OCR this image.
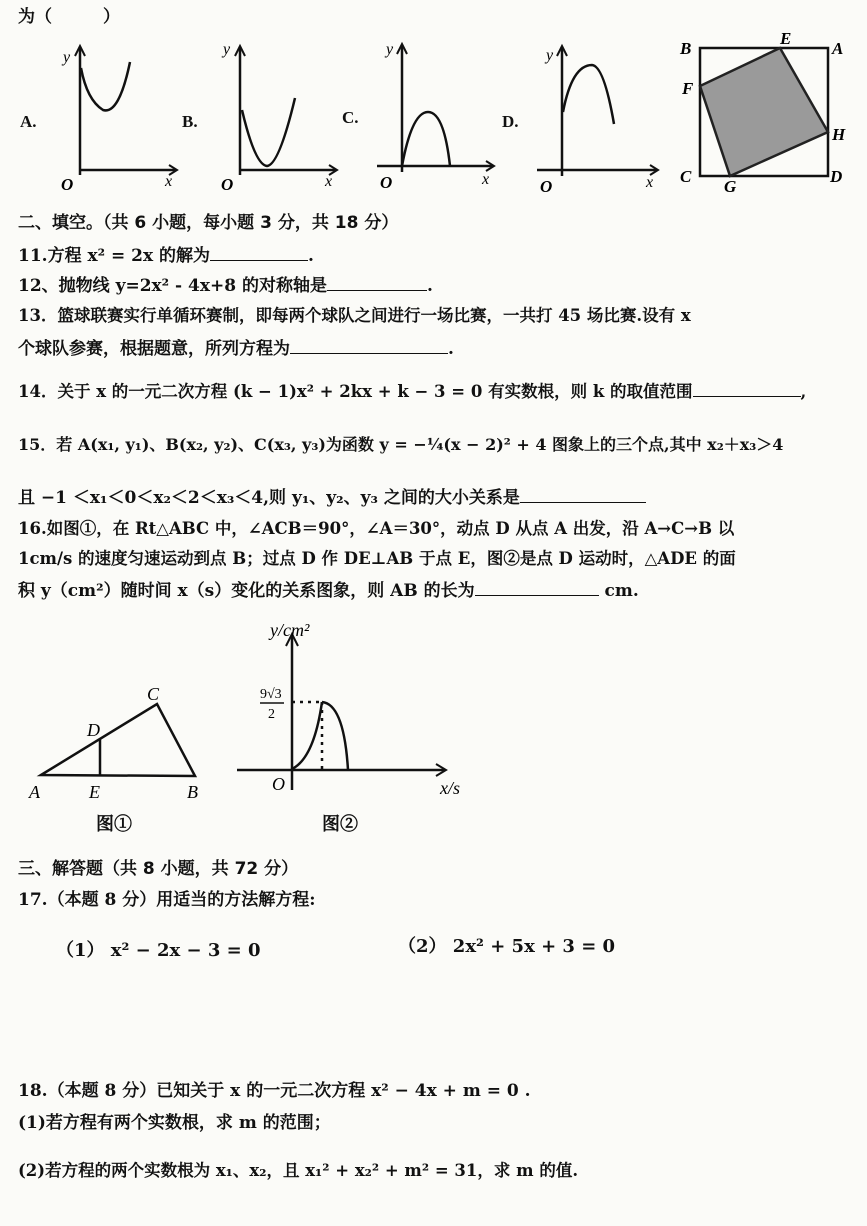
为（　　　）
A.	B.	C.	D.
y
x
O
y
x
O
y
x
O
y
x
O
B
E
A
F
H
C
G
D
二、填空。（共 6 小题，每小题 3 分，共 18 分）
11.方程 x² = 2x 的解为	.
12、抛物线 y=2x² - 4x+8 的对称轴是	.
13．篮球联赛实行单循环赛制，即每两个球队之间进行一场比赛，一共打 45 场比赛.设有 x
个球队参赛，根据题意，所列方程为	.
14．关于 x 的一元二次方程 (k − 1)x² + 2kx + k − 3 = 0 有实数根，则 k 的取值范围	,
15．若 A(x₁, y₁)、B(x₂, y₂)、C(x₃, y₃)为函数 y = −¼(x − 2)² + 4 图象上的三个点,其中 x₂＋x₃＞4
且 −1 ＜x₁＜0＜x₂＜2＜x₃＜4,则 y₁、y₂、y₃ 之间的大小关系是
16.如图①，在 Rt△ABC 中，∠ACB＝90°，∠A＝30°，动点 D 从点 A 出发，沿 A→C→B 以
1cm/s 的速度匀速运动到点 B；过点 D 作 DE⊥AB 于点 E，图②是点 D 运动时，△ADE 的面
积 y（cm²）随时间 x（s）变化的关系图象，则 AB 的长为	cm.
A	E	B
C
D
图①
y/cm²
x/s
O
9√3
2
图②
三、解答题（共 8 小题，共 72 分）
17.（本题 8 分）用适当的方法解方程:
（1） x² − 2x − 3 = 0	（2） 2x² + 5x + 3 = 0
18.（本题 8 分）已知关于 x 的一元二次方程 x² − 4x + m = 0 .
(1)若方程有两个实数根，求 m 的范围；
(2)若方程的两个实数根为 x₁、x₂，且 x₁² + x₂² + m² = 31，求 m 的值.
